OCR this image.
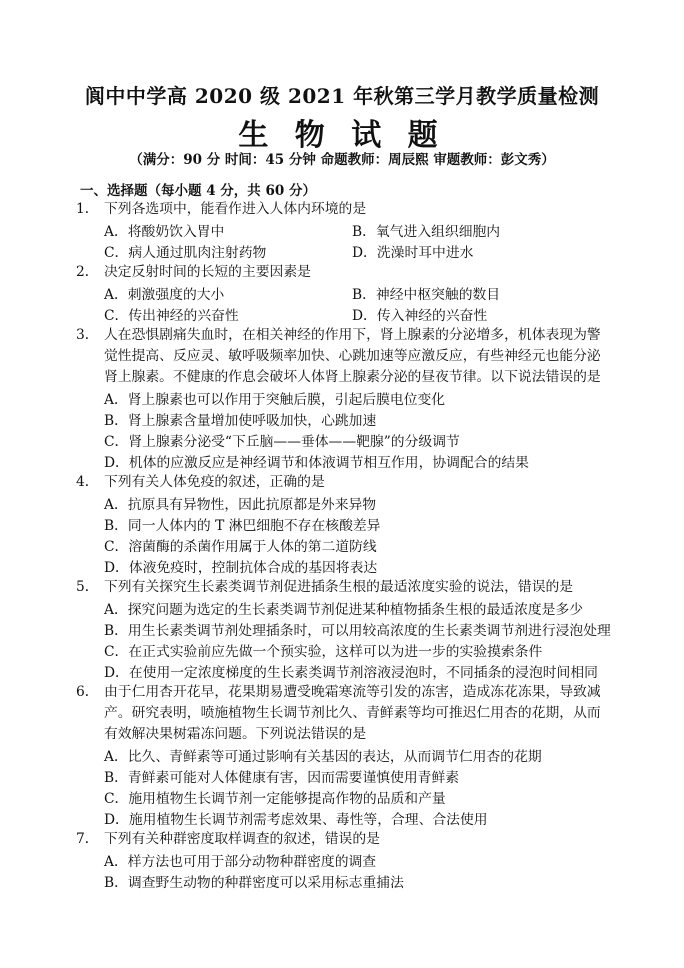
阆中中学高 2020 级 2021 年秋第三学月教学质量检测
生 物 试 题
（满分：90 分 时间：45 分钟 命题教师：周辰熙 审题教师：彭文秀）
一、选择题（每小题 4 分，共 60 分）
1． 下列各选项中，能看作进入人体内环境的是
A．将酸奶饮入胃中	B．氧气进入组织细胞内
C．病人通过肌肉注射药物	D．洗澡时耳中进水
2． 决定反射时间的长短的主要因素是
A．刺激强度的大小	B．神经中枢突触的数目
C．传出神经的兴奋性	D．传入神经的兴奋性
3． 人在恐惧剧痛失血时，在相关神经的作用下，肾上腺素的分泌增多，机体表现为警
觉性提高、反应灵、敏呼吸频率加快、心跳加速等应激反应，有些神经元也能分泌
肾上腺素。不健康的作息会破坏人体肾上腺素分泌的昼夜节律。以下说法错误的是
A．肾上腺素也可以作用于突触后膜，引起后膜电位变化
B．肾上腺素含量增加使呼吸加快，心跳加速
C．肾上腺素分泌受“下丘脑——垂体——靶腺”的分级调节
D．机体的应激反应是神经调节和体液调节相互作用，协调配合的结果
4． 下列有关人体免疫的叙述，正确的是
A．抗原具有异物性，因此抗原都是外来异物
B．同一人体内的 T 淋巴细胞不存在核酸差异
C．溶菌酶的杀菌作用属于人体的第二道防线
D．体液免疫时，控制抗体合成的基因将表达
5． 下列有关探究生长素类调节剂促进插条生根的最适浓度实验的说法，错误的是
A．探究问题为选定的生长素类调节剂促进某种植物插条生根的最适浓度是多少
B．用生长素类调节剂处理插条时，可以用较高浓度的生长素类调节剂进行浸泡处理
C．在正式实验前应先做一个预实验，这样可以为进一步的实验摸索条件
D．在使用一定浓度梯度的生长素类调节剂溶液浸泡时，不同插条的浸泡时间相同
6． 由于仁用杏开花早，花果期易遭受晚霜寒流等引发的冻害，造成冻花冻果，导致减
产。研究表明，喷施植物生长调节剂比久、青鲜素等均可推迟仁用杏的花期，从而
有效解决果树霜冻问题。下列说法错误的是
A．比久、青鲜素等可通过影响有关基因的表达，从而调节仁用杏的花期
B．青鲜素可能对人体健康有害，因而需要谨慎使用青鲜素
C．施用植物生长调节剂一定能够提高作物的品质和产量
D．施用植物生长调节剂需考虑效果、毒性等，合理、合法使用
7． 下列有关种群密度取样调查的叙述，错误的是
A．样方法也可用于部分动物种群密度的调查
B．调查野生动物的种群密度可以采用标志重捕法
